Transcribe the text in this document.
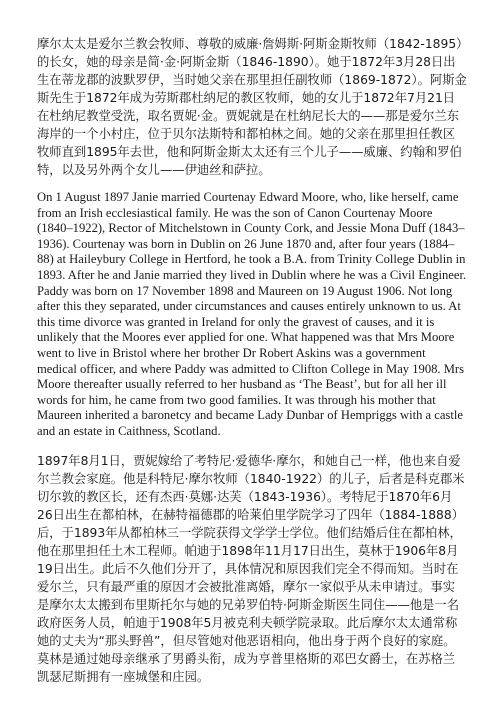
摩尔太太是爱尔兰教会牧师、尊敬的威廉·詹姆斯·阿斯金斯牧师（1842-1895）的长女，她的母亲是简·金·阿斯金斯（1846-1890）。她于1872年3月28日出生在蒂龙郡的波默罗伊，当时她父亲在那里担任副牧师（1869-1872）。阿斯金斯先生于1872年成为劳斯郡杜纳尼的教区牧师，她的女儿于1872年7月21日在杜纳尼教堂受洗，取名贾妮·金。贾妮就是在杜纳尼长大的——那是爱尔兰东海岸的一个小村庄，位于贝尔法斯特和都柏林之间。她的父亲在那里担任教区牧师直到1895年去世，他和阿斯金斯太太还有三个儿子——威廉、约翰和罗伯特，以及另外两个女儿——伊迪丝和萨拉。

On 1 August 1897 Janie married Courtenay Edward Moore, who, like herself, came from an Irish ecclesiastical family. He was the son of Canon Courtenay Moore (1840–1922), Rector of Mitchelstown in County Cork, and Jessie Mona Duff (1843–1936). Courtenay was born in Dublin on 26 June 1870 and, after four years (1884–88) at Haileybury College in Hertford, he took a B.A. from Trinity College Dublin in 1893. After he and Janie married they lived in Dublin where he was a Civil Engineer. Paddy was born on 17 November 1898 and Maureen on 19 August 1906. Not long after this they separated, under circumstances and causes entirely unknown to us. At this time divorce was granted in Ireland for only the gravest of causes, and it is unlikely that the Moores ever applied for one. What happened was that Mrs Moore went to live in Bristol where her brother Dr Robert Askins was a government medical officer, and where Paddy was admitted to Clifton College in May 1908. Mrs Moore thereafter usually referred to her husband as ‘The Beast’, but for all her ill words for him, he came from two good families. It was through his mother that Maureen inherited a baronetcy and became Lady Dunbar of Hempriggs with a castle and an estate in Caithness, Scotland.

1897年8月1日，贾妮嫁给了考特尼·爱德华·摩尔，和她自己一样，他也来自爱尔兰教会家庭。他是科特尼·摩尔牧师（1840-1922）的儿子，后者是科克郡米切尔敦的教区长，还有杰西·莫娜·达芙（1843-1936）。考特尼于1870年6月26日出生在都柏林，在赫特福德郡的哈莱伯里学院学习了四年（1884-1888）后，于1893年从都柏林三一学院获得文学学士学位。他们结婚后住在都柏林，他在那里担任土木工程师。帕迪于1898年11月17日出生，莫林于1906年8月19日出生。此后不久他们分开了，具体情况和原因我们完全不得而知。当时在爱尔兰，只有最严重的原因才会被批准离婚，摩尔一家似乎从未申请过。事实是摩尔太太搬到布里斯托尔与她的兄弟罗伯特·阿斯金斯医生同住——他是一名政府医务人员，帕迪于1908年5月被克利夫顿学院录取。此后摩尔太太通常称她的丈夫为“那头野兽”，但尽管她对他恶语相向，他出身于两个良好的家庭。莫林是通过她母亲继承了男爵头衔，成为亨普里格斯的邓巴女爵士，在苏格兰凯瑟尼斯拥有一座城堡和庄园。
